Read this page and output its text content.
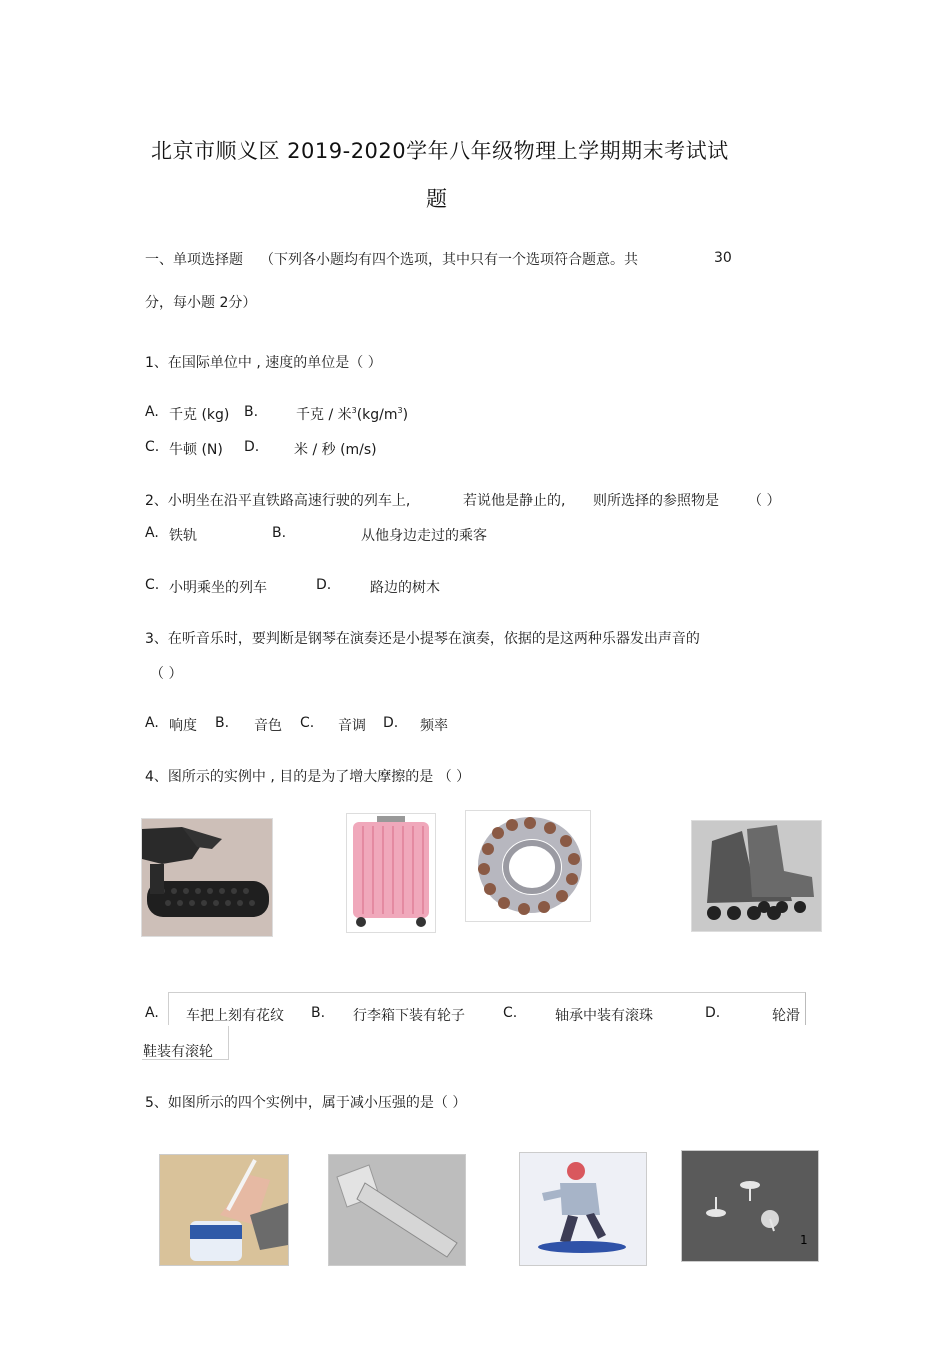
北京市顺义区 2019-2020学年八年级物理上学期期末考试试
题
一、单项选择题 （下列各小题均有四个选项，其中只有一个选项符合题意。共	30
分，每小题 2分）
1、在国际单位中 , 速度的单位是（ ）
A. 千克 (kg) B.	千克 / 米$^3(kg/m^3)$
C. 牛顿 (N) D. 米 / 秒 (m/s)
2、小明坐在沿平直铁路高速行驶的列车上,	若说他是静止的, 则所选择的参照物是 （ ）
A. 铁轨	B.	从他身边走过的乘客
C. 小明乘坐的列车	D.	路边的树木
3、在听音乐时，要判断是钢琴在演奏还是小提琴在演奏，依据的是这两种乐器发出声音的
（ ）
A. 响度 B. 音色 C. 音调 D. 频率
4、图所示的实例中 , 目的是为了增大摩擦的是 （ ）
A. 车把上刻有花纹 B. 行李箱下装有轮子	C.	轴承中装有滚珠	D.	轮滑
鞋装有滚轮
5、如图所示的四个实例中，属于减小压强的是（ ）
1
